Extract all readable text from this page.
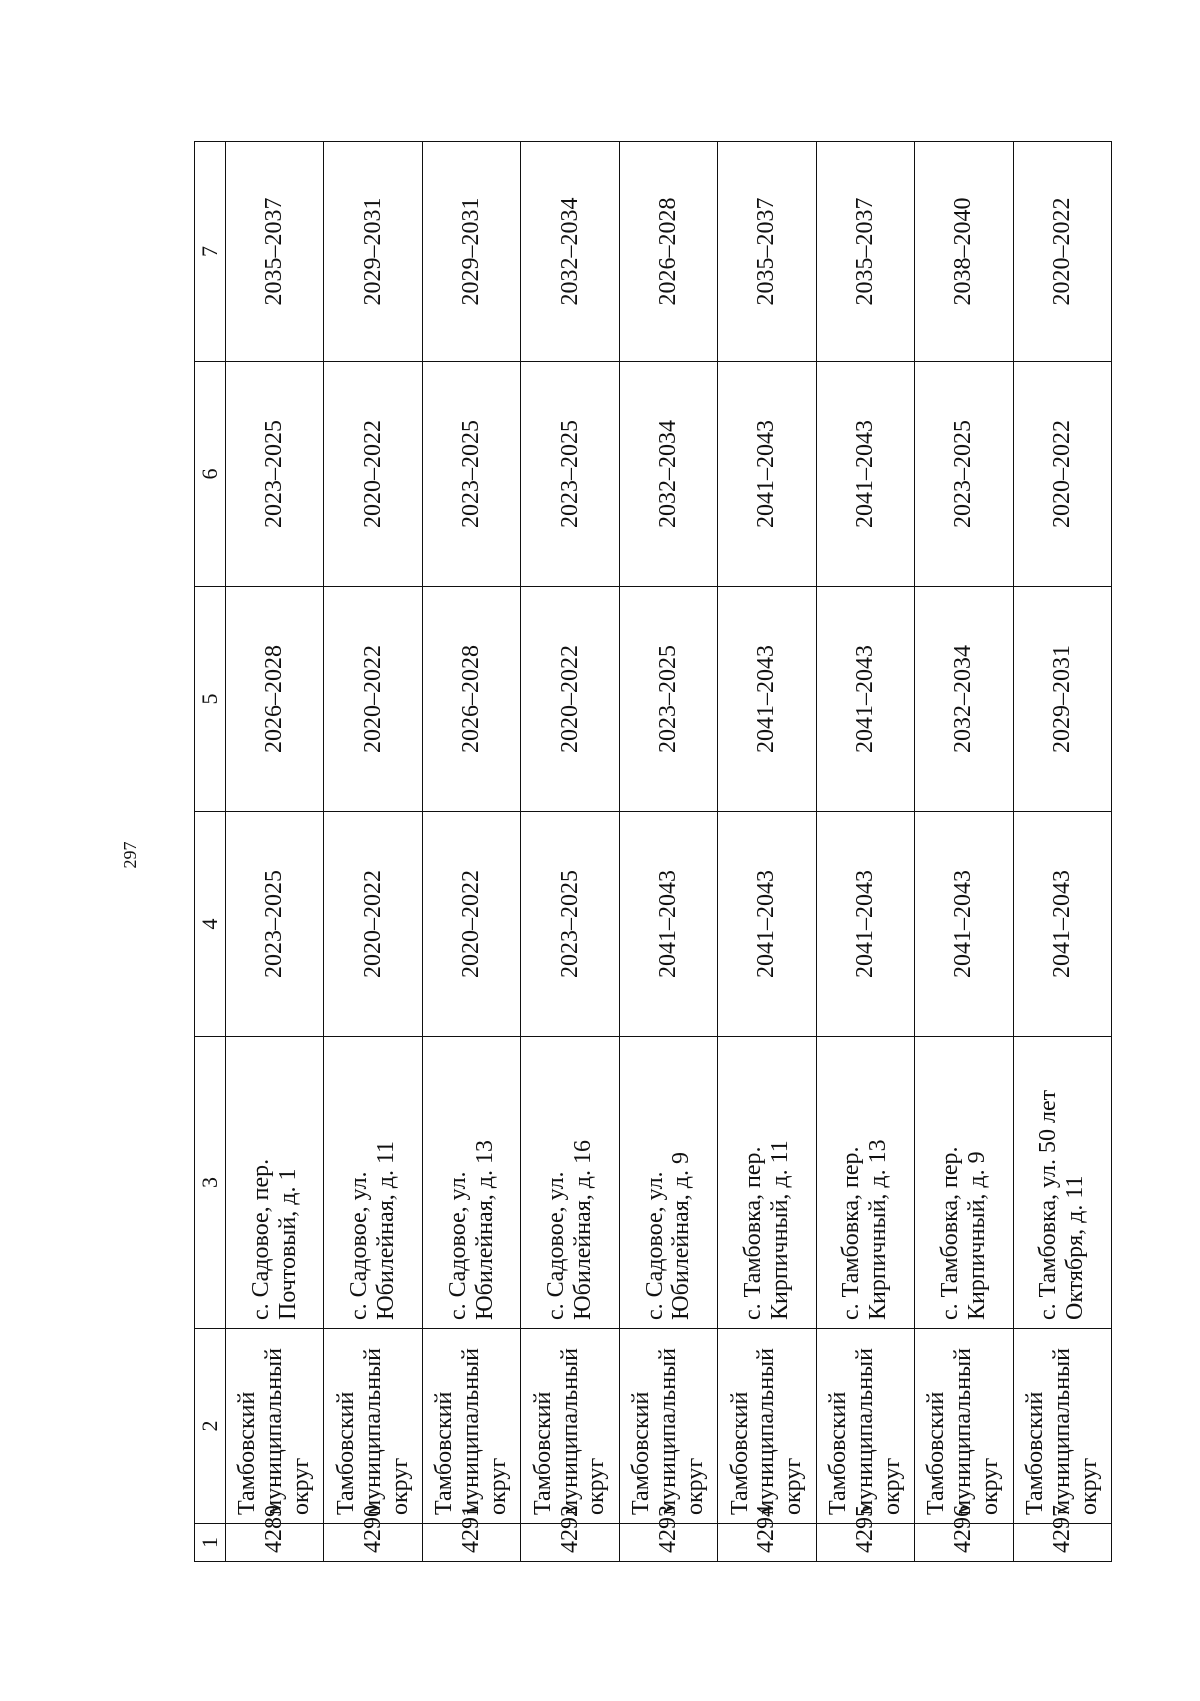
297
1	2	3	4	5	6	7
4289	Тамбовский муниципальный округ	с. Садовое, пер. Почтовый, д. 1	2023–2025	2026–2028	2023–2025	2035–2037
4290	Тамбовский муниципальный округ	с. Садовое, ул. Юбилейная, д. 11	2020–2022	2020–2022	2020–2022	2029–2031
4291	Тамбовский муниципальный округ	с. Садовое, ул. Юбилейная, д. 13	2020–2022	2026–2028	2023–2025	2029–2031
4292	Тамбовский муниципальный округ	с. Садовое, ул. Юбилейная, д. 16	2023–2025	2020–2022	2023–2025	2032–2034
4293	Тамбовский муниципальный округ	с. Садовое, ул. Юбилейная, д. 9	2041–2043	2023–2025	2032–2034	2026–2028
4294	Тамбовский муниципальный округ	с. Тамбовка, пер. Кирпичный, д. 11	2041–2043	2041–2043	2041–2043	2035–2037
4295	Тамбовский муниципальный округ	с. Тамбовка, пер. Кирпичный, д. 13	2041–2043	2041–2043	2041–2043	2035–2037
4296	Тамбовский муниципальный округ	с. Тамбовка, пер. Кирпичный, д. 9	2041–2043	2032–2034	2023–2025	2038–2040
4297	Тамбовский муниципальный округ	с. Тамбовка, ул. 50 лет Октября, д. 11	2041–2043	2029–2031	2020–2022	2020–2022
